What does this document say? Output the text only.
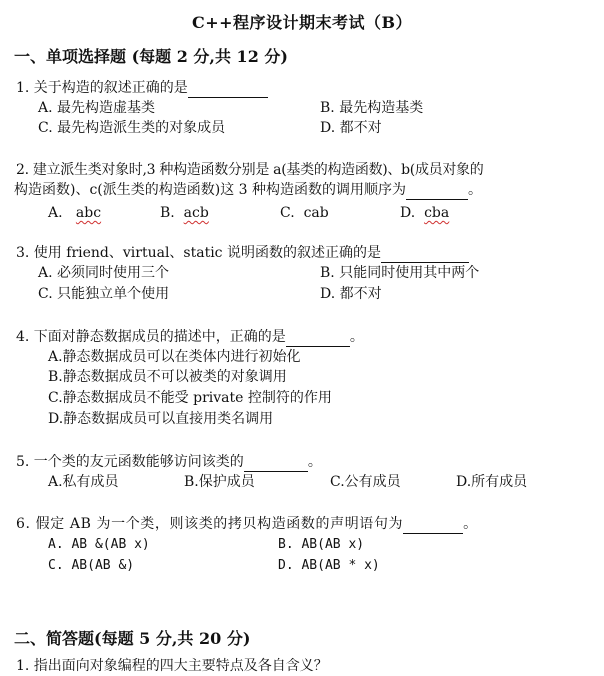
C++程序设计期末考试（B）
一、单项选择题 (每题 2 分,共 12 分)
1. 关于构造的叙述正确的是
A. 最先构造虚基类	B. 最先构造基类
C. 最先构造派生类的对象成员	D. 都不对
2. 建立派生类对象时,3 种构造函数分别是 a(基类的构造函数)、b(成员对象的
构造函数)、c(派生类的构造函数)这 3 种构造函数的调用顺序为	。
A. abc	B. acb	C. cab	D. cba
3. 使用 friend、virtual、static 说明函数的叙述正确的是
A. 必须同时使用三个	B. 只能同时使用其中两个
C. 只能独立单个使用	D. 都不对
4. 下面对静态数据成员的描述中，正确的是	。
A.静态数据成员可以在类体内进行初始化
B.静态数据成员不可以被类的对象调用
C.静态数据成员不能受 private 控制符的作用
D.静态数据成员可以直接用类名调用
5. 一个类的友元函数能够访问该类的	。
A.私有成员	B.保护成员	C.公有成员	D.所有成员
6. 假定 AB 为一个类，则该类的拷贝构造函数的声明语句为	。
A. AB &(AB x)	B. AB(AB x)
C. AB(AB &)	D. AB(AB * x)
二、简答题(每题 5 分,共 20 分)
1. 指出面向对象编程的四大主要特点及各自含义？
